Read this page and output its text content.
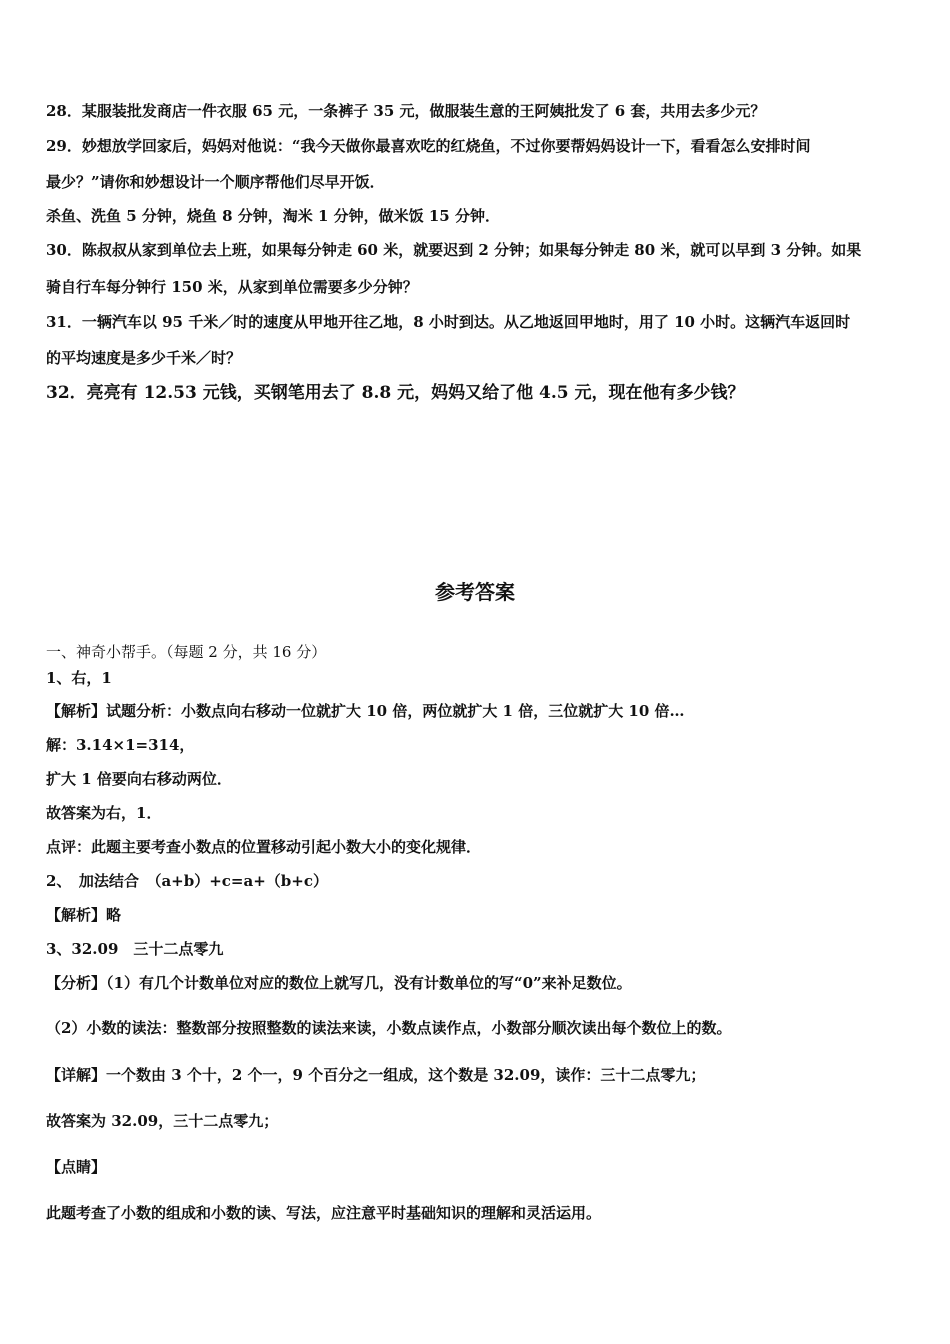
28．某服装批发商店一件衣服 65 元，一条裤子 35 元，做服装生意的王阿姨批发了 6 套，共用去多少元？
29．妙想放学回家后，妈妈对他说：“我今天做你最喜欢吃的红烧鱼，不过你要帮妈妈设计一下，看看怎么安排时间
最少？”请你和妙想设计一个顺序帮他们尽早开饭．
杀鱼、洗鱼 5 分钟，烧鱼 8 分钟，淘米 1 分钟，做米饭 15 分钟．
30．陈叔叔从家到单位去上班，如果每分钟走 60 米，就要迟到 2 分钟；如果每分钟走 80 米，就可以早到 3 分钟。如果
骑自行车每分钟行 150 米，从家到单位需要多少分钟？
31．一辆汽车以 95 千米／时的速度从甲地开往乙地，8 小时到达。从乙地返回甲地时，用了 10 小时。这辆汽车返回时
的平均速度是多少千米／时？
32．亮亮有 12.53 元钱，买钢笔用去了 8.8 元，妈妈又给了他 4.5 元，现在他有多少钱？
参考答案
一、神奇小帮手。（每题 2 分，共 16 分）
1、右，1
【解析】试题分析：小数点向右移动一位就扩大 10 倍，两位就扩大 1 倍，三位就扩大 10 倍…
解：3.14×1=314，
扩大 1 倍要向右移动两位．
故答案为右，1．
点评：此题主要考查小数点的位置移动引起小数大小的变化规律．
2、　加法结合　（a+b）+c=a+（b+c）
【解析】略
3、32.09　三十二点零九
【分析】（1）有几个计数单位对应的数位上就写几，没有计数单位的写“0”来补足数位。
（2）小数的读法：整数部分按照整数的读法来读，小数点读作点，小数部分顺次读出每个数位上的数。
【详解】一个数由 3 个十，2 个一，9 个百分之一组成，这个数是 32.09，读作：三十二点零九；
故答案为 32.09，三十二点零九；
【点睛】
此题考查了小数的组成和小数的读、写法，应注意平时基础知识的理解和灵活运用。
